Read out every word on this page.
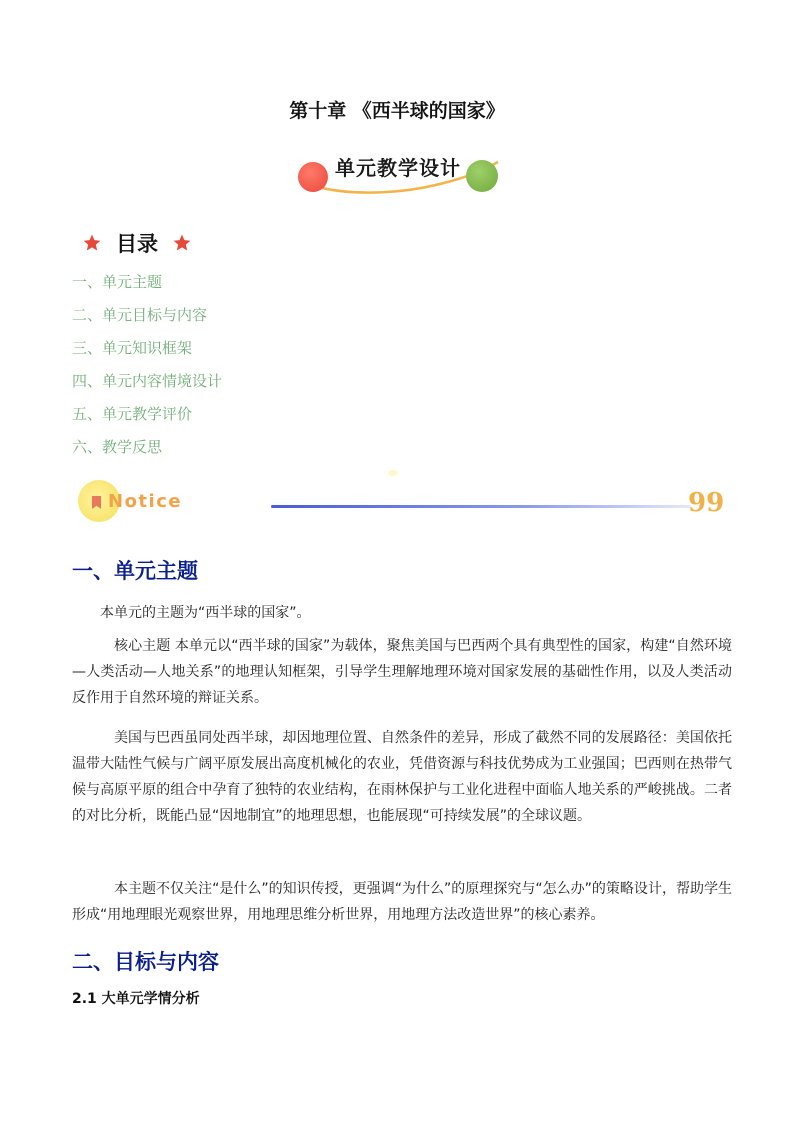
第十章 《西半球的国家》
单元教学设计
目录
一、单元主题
二、单元目标与内容
三、单元知识框架
四、单元内容情境设计
五、单元教学评价
六、教学反思
Notice	99
一、单元主题

本单元的主题为“西半球的国家”。

核心主题 本单元以“西半球的国家”为载体，聚焦美国与巴西两个具有典型性的国家，构建“自然环境—人类活动—人地关系”的地理认知框架，引导学生理解地理环境对国家发展的基础性作用，以及人类活动反作用于自然环境的辩证关系。

美国与巴西虽同处西半球，却因地理位置、自然条件的差异，形成了截然不同的发展路径：美国依托温带大陆性气候与广阔平原发展出高度机械化的农业，凭借资源与科技优势成为工业强国；巴西则在热带气候与高原平原的组合中孕育了独特的农业结构，在雨林保护与工业化进程中面临人地关系的严峻挑战。二者的对比分析，既能凸显“因地制宜”的地理思想，也能展现“可持续发展”的全球议题。

本主题不仅关注“是什么”的知识传授，更强调“为什么”的原理探究与“怎么办”的策略设计，帮助学生形成“用地理眼光观察世界，用地理思维分析世界，用地理方法改造世界”的核心素养。

二、目标与内容
2.1 大单元学情分析
